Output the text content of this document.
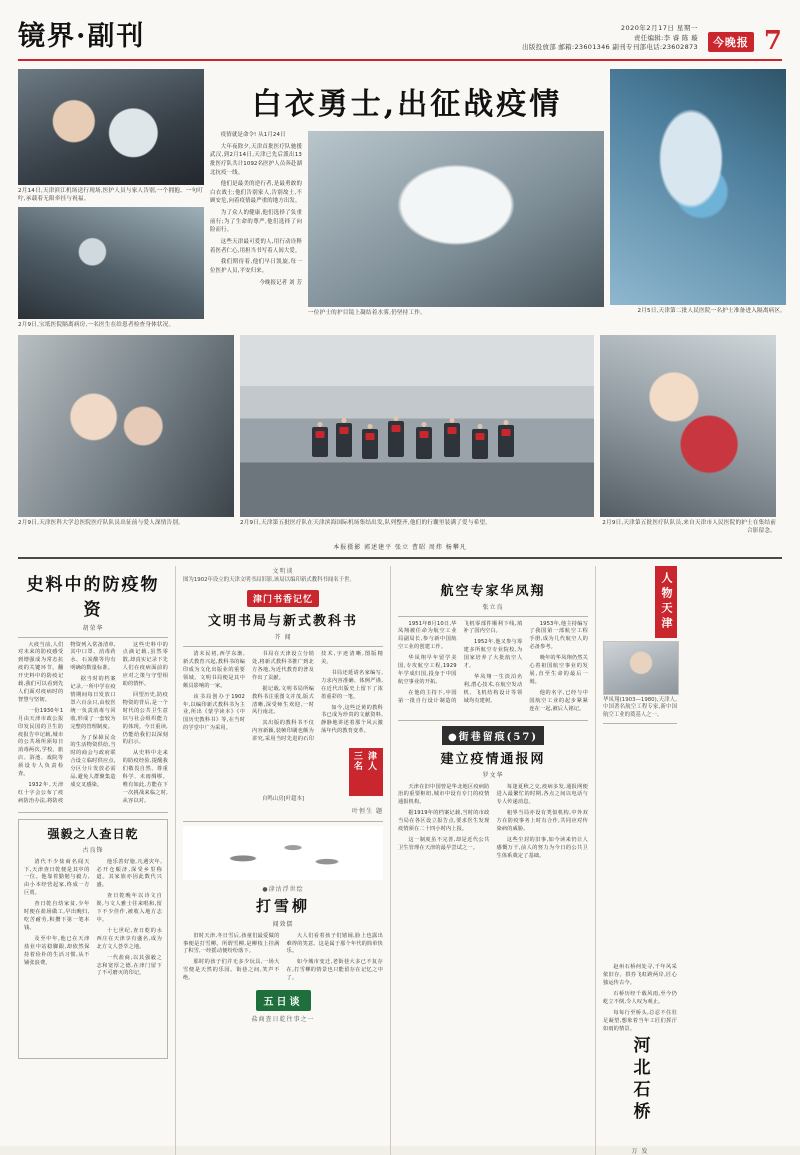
镜界·副刊	2020年2月17日 星期一
责任编辑:李 睿 陈 璇
出版投放部 邮箱:23601346 副刊专刊部电话:23602873	今晚报 7
2月14日,天津滨江机场送行现场,医护人员与家人告别,一个拥抱、一句叮咛,承载着无限牵挂与祝福。
2月9日,宝坻医院隔离病房,一名医生在给患者检查身体状况。
白衣勇士,出征战疫情

疫情就是命令! 从1月24日

大年夜除夕,天津首批医疗队驰援武汉,到2月14日,天津已先后派出13批医疗队共计1092名医护人员奔赴湖北抗疫一线。

他们是最美的逆行者,是最勇敢的白衣战士;他们告别家人,告别故土,不顾安危,向着疫情最严重的地方出发。

为了众人的健康,他们选择了负重前行;为了生命的尊严,他们选择了向险而行。

这些天津最可爱的人,用行动诠释着医者仁心,用担当书写着人间大爱。

我们期待着,他们早日凯旋,每一位医护人员,平安归来。

今晚报记者 刘 芳

一位护士的护目镜上凝结着水雾,仍坚持工作。	2月5日,天津第二批人民医院一名护士准备进入隔离病区。
2月9日,天津医科大学总医院医疗队队员出征前与爱人深情告别。	2月9日,天津第五批医疗队在天津滨海国际机场集结出发,队列整齐,他们的行囊里装满了爱与希望。	2月9日,天津第五批医疗队队员,来自天津市人民医院的护士在集结前合影留念。
本报摄影 郭述建平 张立 曹昭 周炜 杨攀凡
史料中的防疫物资
胡荣华

大疫当前,人们对未来的防疫感受到增强成为常态抗疫的关键环节。翻开史料中的防疫记载,我们可以看到先人们面对疫病时的智慧与坚韧。

一份1930年1月由天津市政公报印发民国的卫生防疫报告中记载,城市的公共场所须每日消毒两次,学校、旅店、浴池、戏院等须设专人负责检查。

1932年,天津红十字会公布了疫病防治办法,将防疫物资列入常备清单,其中口罩、消毒药水、石炭酸等均有明确的数量标准。

据当时的档案记录,一所中学在疫情期间每日发放口罩六百余只,由校医统一负责消毒与回收,形成了一套较为完整的管理制度。

为了保障民众的生活物资供给,当时的商会与政府联合设立临时供应点,分区分片发放必需品,避免人群聚集造成交叉感染。

这些史料中的点滴记载,虽然零散,却真实记录下先人们在疫病面前的应对之策与守望相助的情怀。

回望历史,防疫物资的背后,是一个时代的公共卫生意识与社会组织能力的体现。今日重读,仍能给我们以深刻的启示。

从史料中走来的防疫经验,提醒我们敬畏自然、尊重科学、未雨绸缪。唯有如此,方能在下一次挑战来临之时,从容以对。

强毅之人查日乾
古良锋

清代不少盐商名闻天下,天津查日乾便是其中的一位。他靠着勤勉与毅力,由小本经营起家,终成一方巨贾。

查日乾自幼家贫,少年时便在盐场做工,早出晚归,吃苦耐劳,积攒下第一笔本钱。

及至中年,他已在天津盐业中站稳脚跟,却依然保持着俭朴的生活习惯,从不铺张浪费。

他乐善好施,凡遇灾年,必开仓赈济,深受乡里称道。其家族亦因此数代兴盛。

查日乾晚年以诗文自娱,与文人雅士往来唱和,留下不少佳作,被收入地方志中。

十七世纪,查日乾的水西庄在天津享有盛名,成为北方文人荟萃之地。

一代盐商,以其强毅之志和宽厚之德,在津门留下了不可磨灭的印记。

文明谈
图为1902年设立的天津文明书局旧影,该局以编印新式教科书闻名于世。
津门书香记忆
文明书局与新式教科书
芥 闻

清末民初,西学东渐,新式教育兴起,教科书的编印成为文化出版业的重要领域。文明书局便是其中颇具影响的一家。

该书局创办于1902年,以编印新式教科书为主业,所出《蒙学读本》《中国历史教科书》等,在当时的学堂中广为采用。

书局在天津设立分销处,将新式教科书推广到北方各地,为近代教育的普及作出了贡献。

据记载,文明书局所编教科书注重图文并茂,版式清晰,深受师生欢迎,一时风行南北。

其出版的教科书不仅内容新颖,装帧印刷也颇为讲究,采用当时先进的石印技术,字迹清晰,图版精美。

书局还延请名家编写,力求内容准确、体例严谨,在近代出版史上留下了浓墨重彩的一笔。

如今,这些泛黄的教科书已成为珍贵的文献资料,静静地讲述着那个风云激荡年代的教育变革。

三 津 名 人
自鸣山房[叶超本]
叶恒生 题
●津沽浮世绘
打雪柳
闻效儒

旧时天津,冬日雪后,孩童们最爱做的事便是打雪柳。所谓雪柳,是柳枝上挂满了积雪,一经摇动便纷纷落下。

那时的孩子们并无多少玩具,一场大雪便是天然的乐园。街巷之间,笑声不绝。

大人们看着孩子们嬉闹,脸上也露出难得的笑意。这是属于那个年代的简单快乐。

如今城市变迁,老街巷大多已不复存在,打雪柳的情景也只能留存在记忆之中了。

五日谈
盐商查日乾往事之一
航空专家华凤翔
张立良

1951年8月10日,华凤翔被任命为航空工业局副局长,参与新中国航空工业的创建工作。

华凤翔早年留学美国,专攻航空工程,1929年学成归国,投身于中国航空事业的开拓。

在他的主持下,中国第一批自行设计制造的飞机零部件顺利下线,填补了国内空白。

1952年,他又参与筹建多所航空专业院校,为国家培养了大批航空人才。

华凤翔一生淡泊名利,潜心技术,在航空发动机、飞机结构设计等领域均有建树。

1953年,他主持编写了我国第一部航空工程手册,成为几代航空人的必备参考。

晚年的华凤翔仍然关心着祖国航空事业的发展,直至生命的最后一刻。

他的名字,已经与中国航空工业的起步紧紧连在一起,被后人铭记。

●街巷留痕(57)
建立疫情通报网
罗文华

天津在旧中国曾是华北地区疫病防治的重要枢纽,城市中设有专门的疫情通报机构。

据1919年的档案记载,当时的市政当局在各区设立报告点,要求医生发现疫情须在二十四小时内上报。

这一制度虽不完善,却是近代公共卫生管理在天津的最早尝试之一。

每逢夏秋之交,疫病多发,通报网便进入最繁忙的时期,各点之间以电话与专人传递消息。

租界当局亦设有类似机构,中外双方在防疫事务上时有合作,共同应对传染病的威胁。

这些尘封的旧事,如今读来仍让人感慨万千,前人的努力为今日的公共卫生体系奠定了基础。

人物天津
华凤翔(1903—1980),天津人,中国著名航空工程专家,新中国航空工业的奠基人之一。

赵州石桥何处寻,千年风采依旧存。拱券飞虹跨两岸,匠心独运传古今。

石桥历经千载风雨,至今仍屹立不倒,令人叹为观止。

每每行至桥头,总忍不住驻足凝望,想象着当年工匠们挥汗如雨的情景。

河北石桥
万 发
